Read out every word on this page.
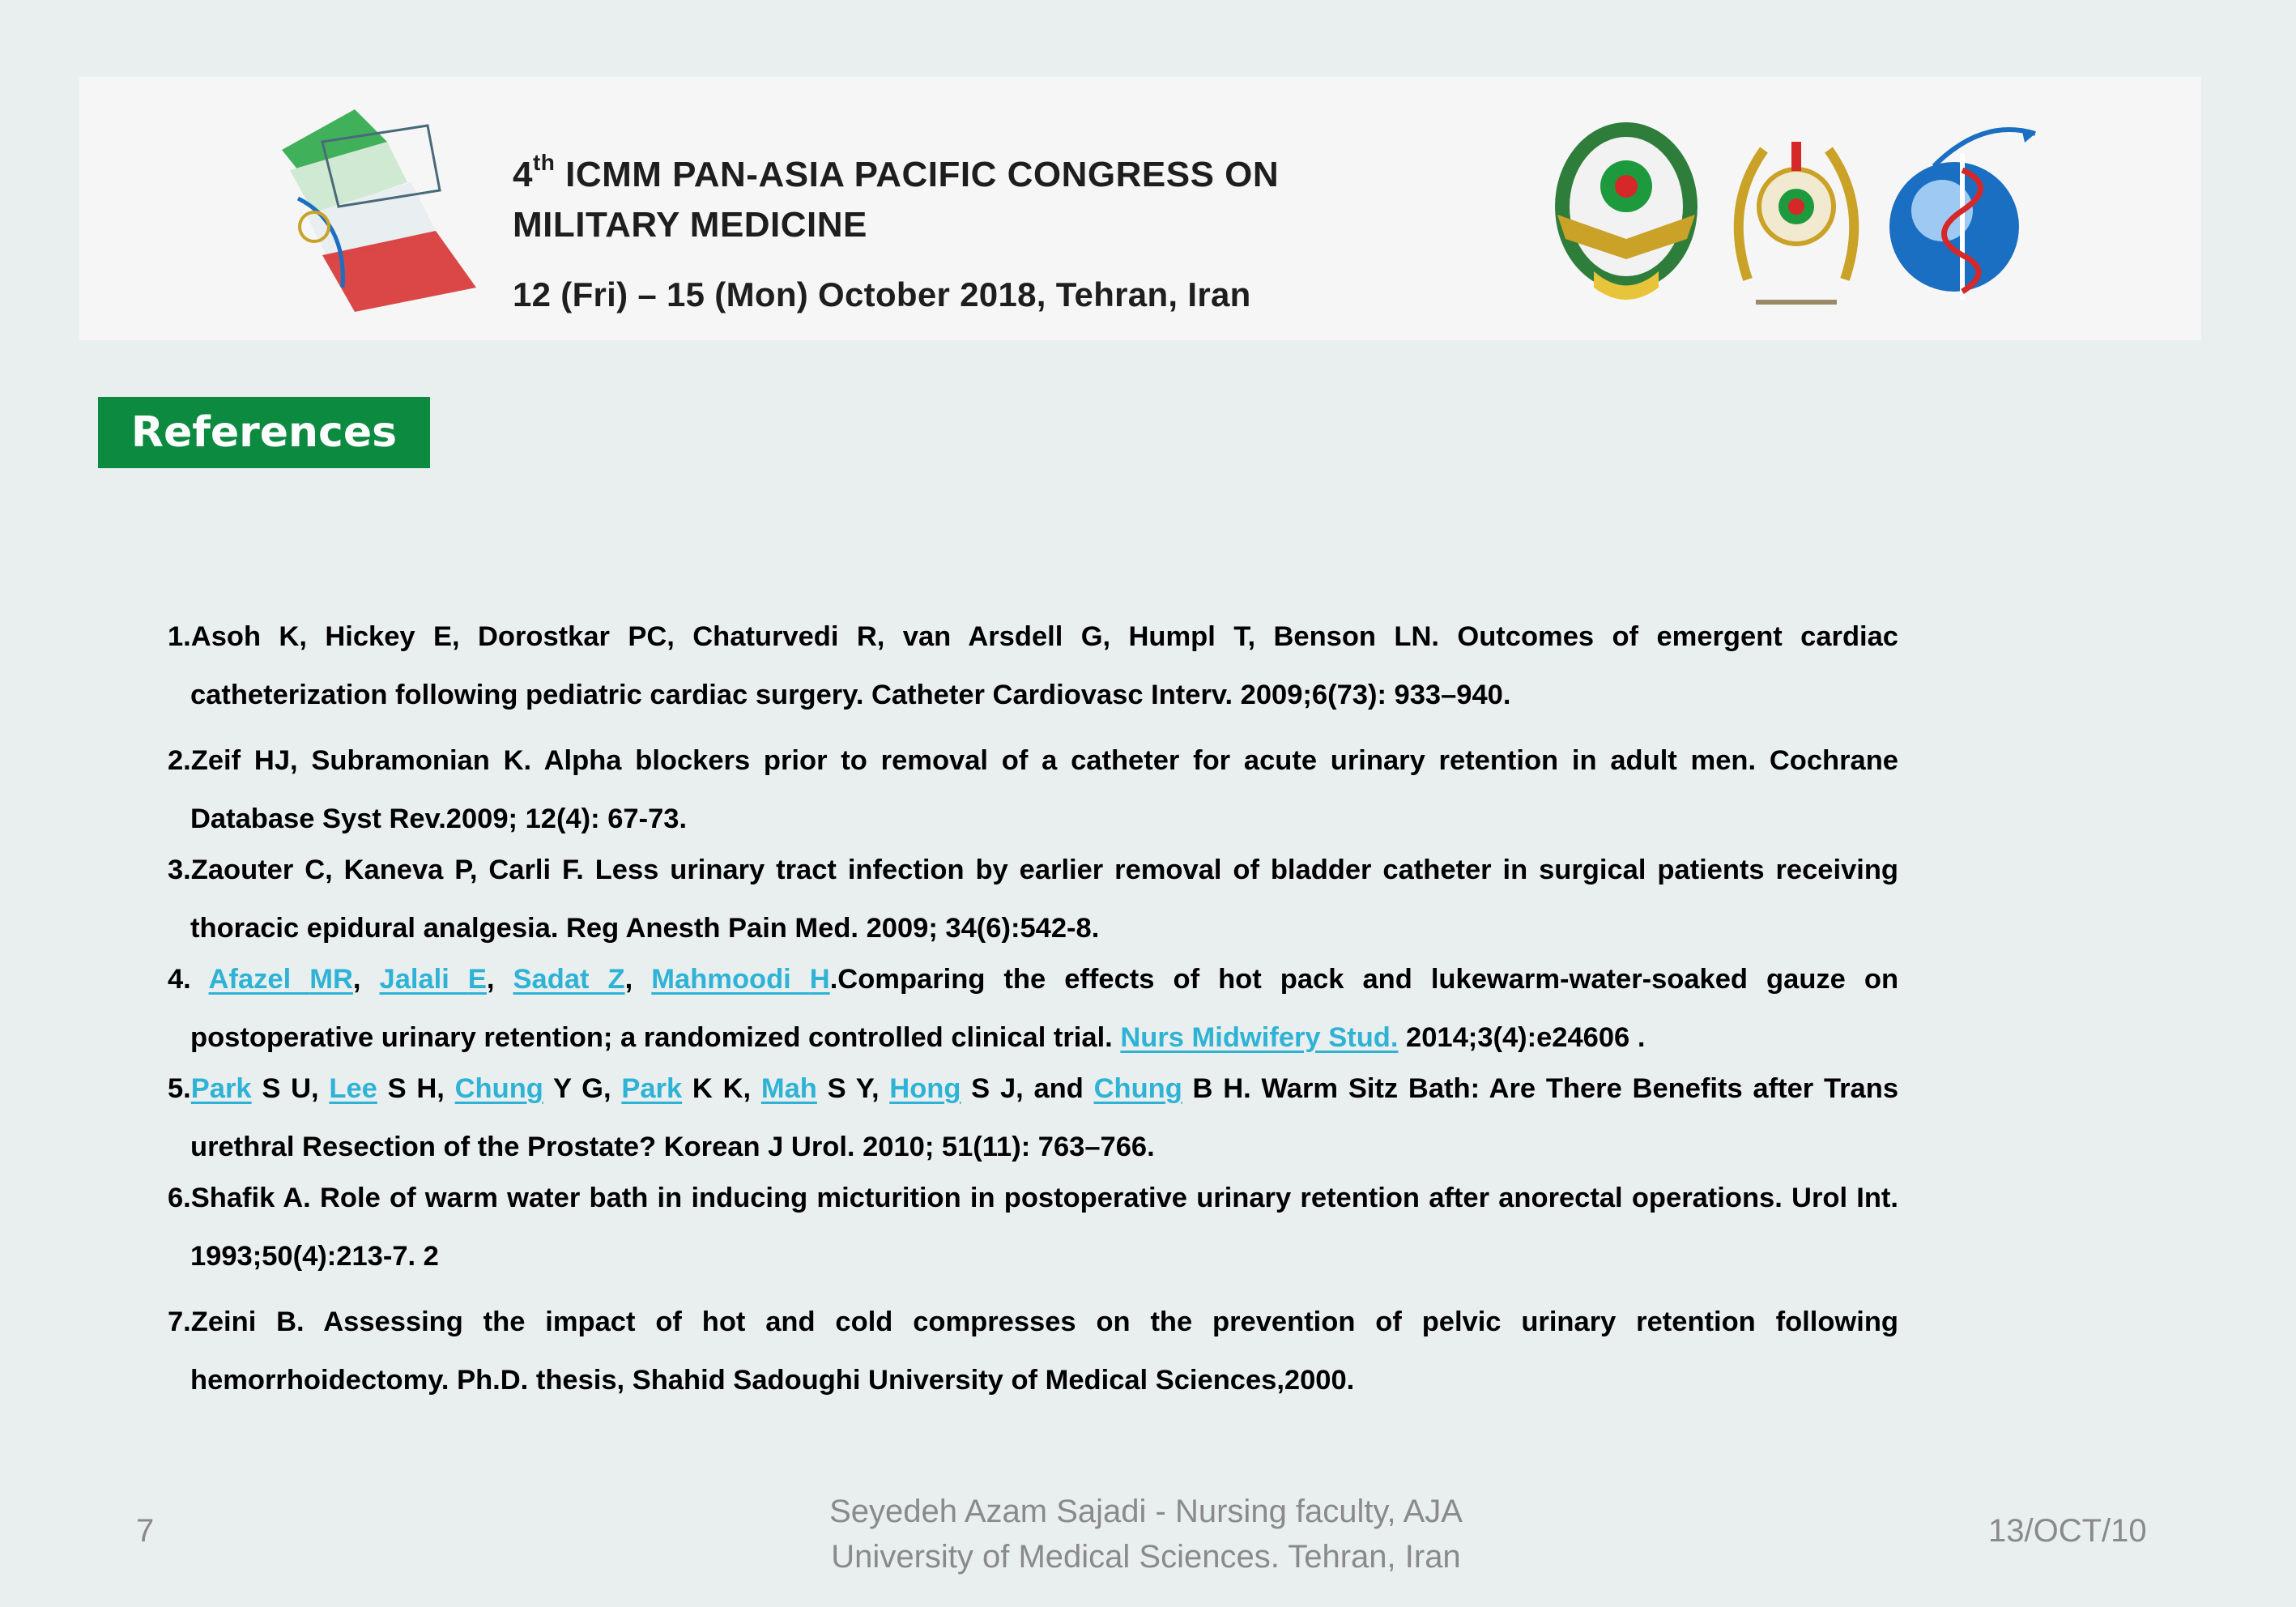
4th ICMM PAN-ASIA PACIFIC CONGRESS ON
MILITARY MEDICINE
12 (Fri) – 15 (Mon) October 2018, Tehran, Iran
References
1.Asoh K, Hickey E, Dorostkar PC, Chaturvedi R, van Arsdell G, Humpl T, Benson LN. Outcomes of emergent cardiac catheterization following pediatric cardiac surgery. Catheter Cardiovasc Interv. 2009;6(73): 933–940.
2.Zeif HJ, Subramonian K. Alpha blockers prior to removal of a catheter for acute urinary retention in adult men. Cochrane Database Syst Rev.2009; 12(4): 67-73.
3.Zaouter C, Kaneva P, Carli F. Less urinary tract infection by earlier removal of bladder catheter in surgical patients receiving thoracic epidural analgesia. Reg Anesth Pain Med. 2009; 34(6):542-8.
4. Afazel MR, Jalali E, Sadat Z, Mahmoodi H.Comparing the effects of hot pack and lukewarm-water-soaked gauze on postoperative urinary retention; a randomized controlled clinical trial. Nurs Midwifery Stud. 2014;3(4):e24606 .
5.Park S U, Lee S H, Chung Y G, Park K K, Mah S Y, Hong S J, and Chung B H. Warm Sitz Bath: Are There Benefits after Trans urethral Resection of the Prostate? Korean J Urol. 2010; 51(11): 763–766.
6.Shafik A. Role of warm water bath in inducing micturition in postoperative urinary retention after anorectal operations. Urol Int. 1993;50(4):213-7. 2
7.Zeini B. Assessing the impact of hot and cold compresses on the prevention of pelvic urinary retention following hemorrhoidectomy. Ph.D. thesis, Shahid Sadoughi University of Medical Sciences,2000.
7
Seyedeh Azam Sajadi - Nursing faculty, AJA
University of Medical Sciences. Tehran, Iran
13/OCT/10
